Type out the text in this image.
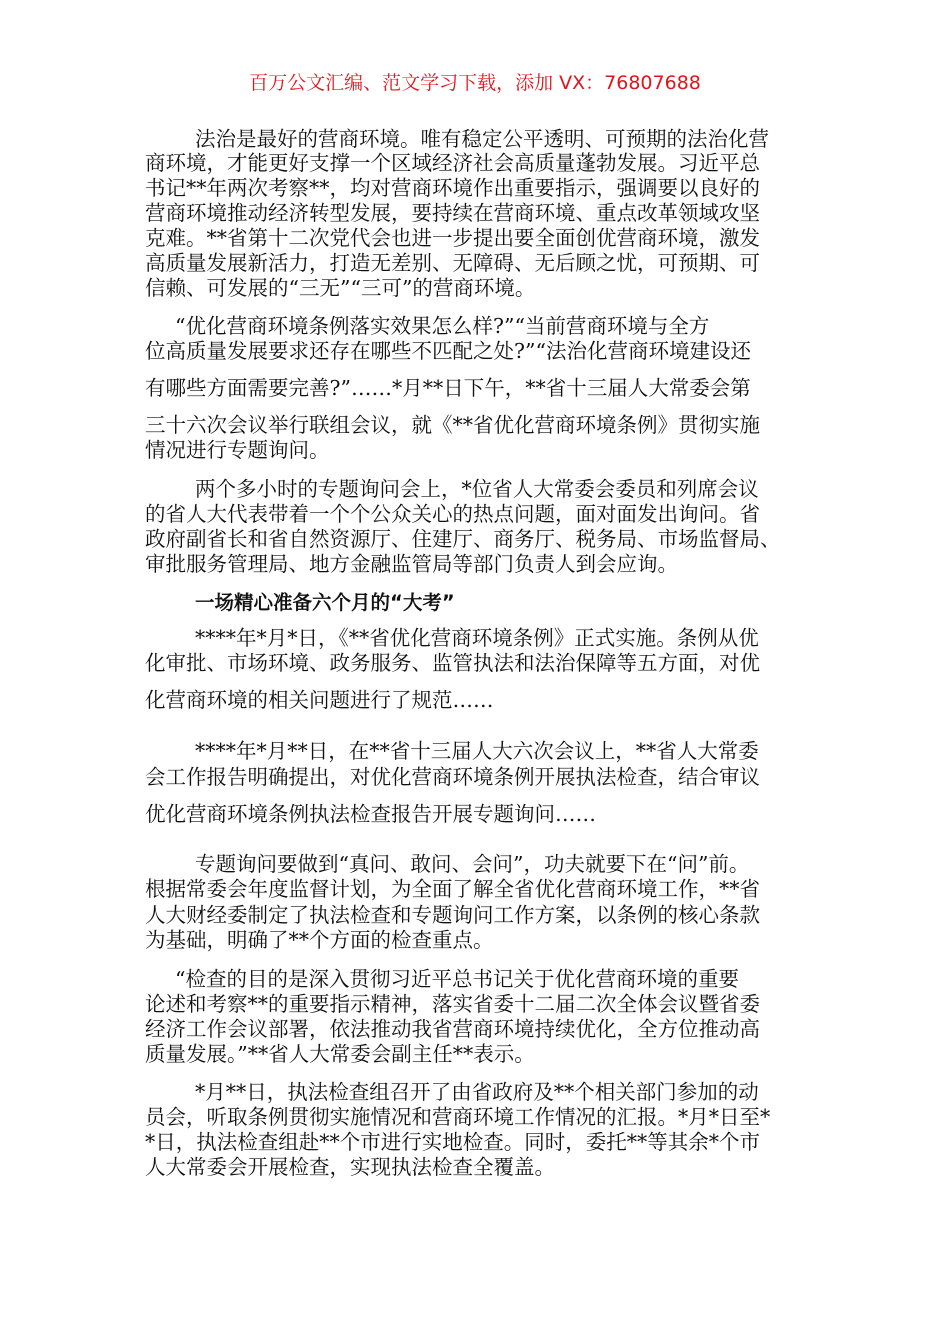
百万公文汇编、范文学习下载，添加 VX：76807688
法治是最好的营商环境。唯有稳定公平透明、可预期的法治化营
商环境，才能更好支撑一个区域经济社会高质量蓬勃发展。习近平总
书记**年两次考察**，均对营商环境作出重要指示，强调要以良好的
营商环境推动经济转型发展，要持续在营商环境、重点改革领域攻坚
克难。**省第十二次党代会也进一步提出要全面创优营商环境，激发
高质量发展新活力，打造无差别、无障碍、无后顾之忧，可预期、可
信赖、可发展的“三无”“三可”的营商环境。
“优化营商环境条例落实效果怎么样?”“当前营商环境与全方
位高质量发展要求还存在哪些不匹配之处?”“法治化营商环境建设还
有哪些方面需要完善?”……*月**日下午，**省十三届人大常委会第
三十六次会议举行联组会议，就《**省优化营商环境条例》贯彻实施
情况进行专题询问。
两个多小时的专题询问会上，*位省人大常委会委员和列席会议
的省人大代表带着一个个公众关心的热点问题，面对面发出询问。省
政府副省长和省自然资源厅、住建厅、商务厅、税务局、市场监督局、
审批服务管理局、地方金融监管局等部门负责人到会应询。
一场精心准备六个月的“大考”
****年*月*日，《**省优化营商环境条例》正式实施。条例从优
化审批、市场环境、政务服务、监管执法和法治保障等五方面，对优
化营商环境的相关问题进行了规范……
****年*月**日，在**省十三届人大六次会议上，**省人大常委
会工作报告明确提出，对优化营商环境条例开展执法检查，结合审议
优化营商环境条例执法检查报告开展专题询问……
专题询问要做到“真问、敢问、会问”，功夫就要下在“问”前。
根据常委会年度监督计划，为全面了解全省优化营商环境工作，**省
人大财经委制定了执法检查和专题询问工作方案，以条例的核心条款
为基础，明确了**个方面的检查重点。
“检查的目的是深入贯彻习近平总书记关于优化营商环境的重要
论述和考察**的重要指示精神，落实省委十二届二次全体会议暨省委
经济工作会议部署，依法推动我省营商环境持续优化，全方位推动高
质量发展。”**省人大常委会副主任**表示。
*月**日，执法检查组召开了由省政府及**个相关部门参加的动
员会，听取条例贯彻实施情况和营商环境工作情况的汇报。*月*日至*
*日，执法检查组赴**个市进行实地检查。同时，委托**等其余*个市
人大常委会开展检查，实现执法检查全覆盖。
